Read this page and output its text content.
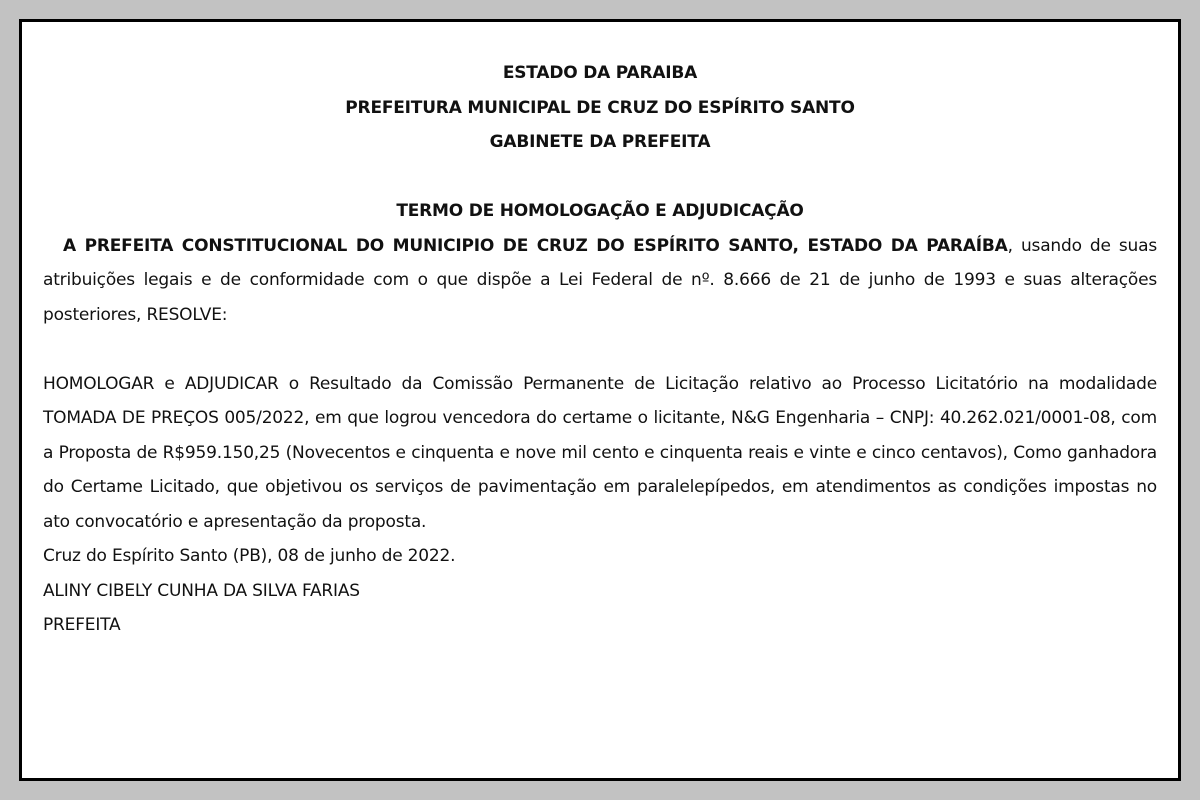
ESTADO DA PARAIBA

PREFEITURA MUNICIPAL DE CRUZ DO ESPÍRITO SANTO

GABINETE DA PREFEITA

TERMO DE HOMOLOGAÇÃO E ADJUDICAÇÃO

A PREFEITA CONSTITUCIONAL DO MUNICIPIO DE CRUZ DO ESPÍRITO SANTO, ESTADO DA PARAÍBA, usando de suas atribuições legais e de conformidade com o que dispõe a Lei Federal de nº. 8.666 de 21 de junho de 1993 e suas alterações posteriores, RESOLVE:

HOMOLOGAR e ADJUDICAR o Resultado da Comissão Permanente de Licitação relativo ao Processo Licitatório na modalidade TOMADA DE PREÇOS 005/2022, em que logrou vencedora do certame o licitante, N&G Engenharia – CNPJ: 40.262.021/0001-08, com a Proposta de R$959.150,25 (Novecentos e cinquenta e nove mil cento e cinquenta reais e vinte e cinco centavos), Como ganhadora do Certame Licitado, que objetivou os serviços de pavimentação em paralelepípedos, em atendimentos as condições impostas no ato convocatório e apresentação da proposta.

Cruz do Espírito Santo (PB), 08 de junho de 2022.

ALINY CIBELY CUNHA DA SILVA FARIAS

PREFEITA
